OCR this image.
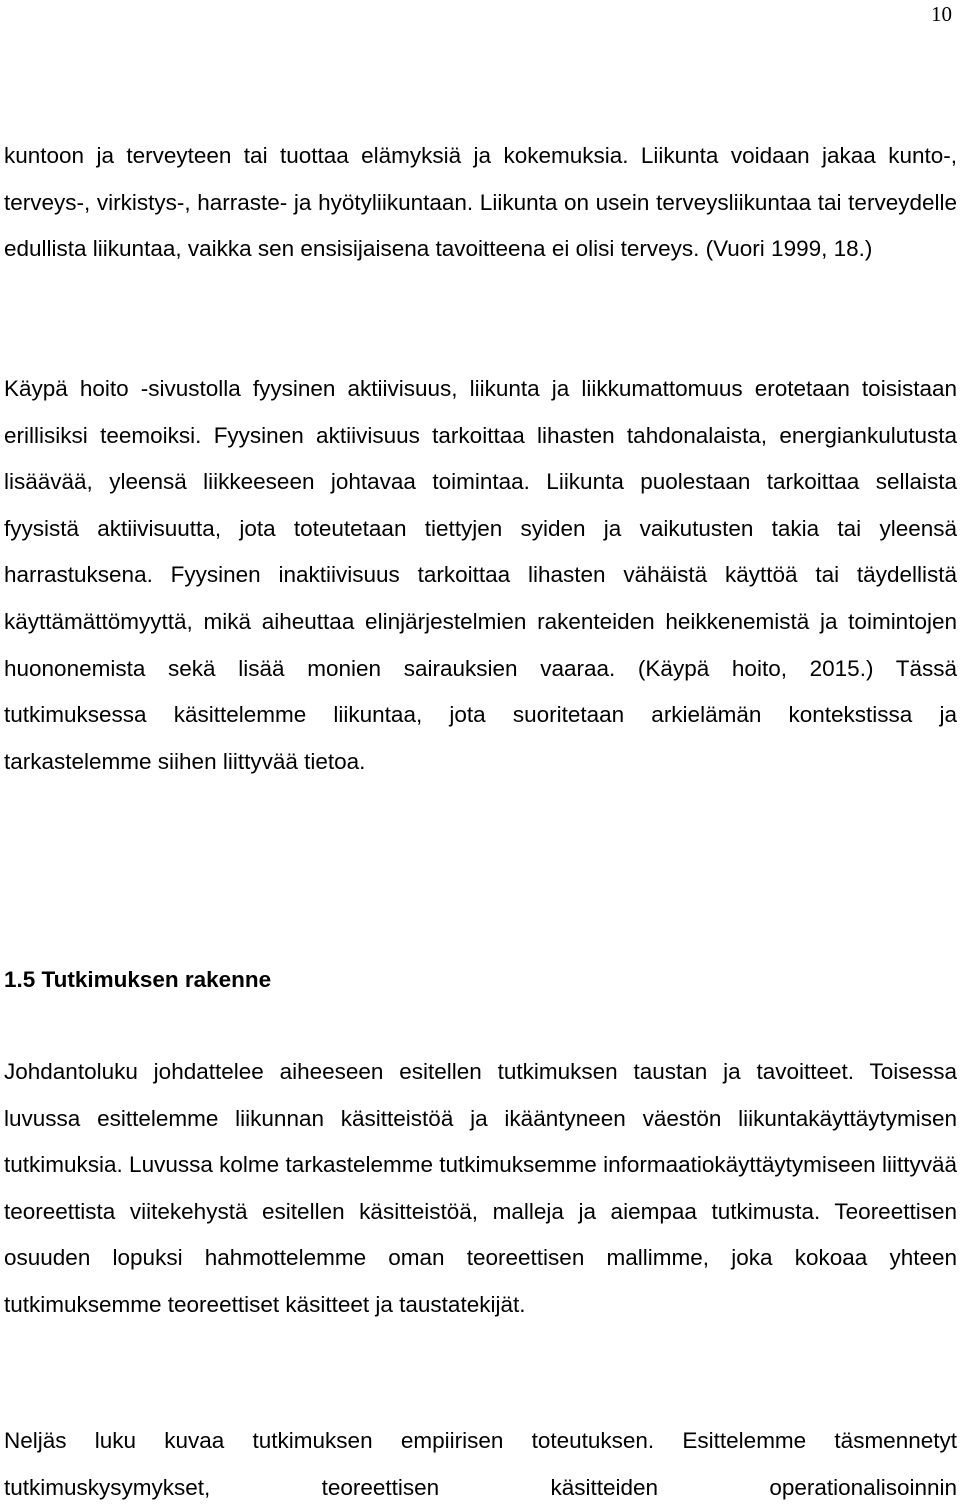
10

kuntoon ja terveyteen tai tuottaa elämyksiä ja kokemuksia. Liikunta voidaan jakaa kunto-, terveys-, virkistys-, harraste- ja hyötyliikuntaan. Liikunta on usein terveysliikuntaa tai terveydelle edullista liikuntaa, vaikka sen ensisijaisena tavoitteena ei olisi terveys. (Vuori 1999, 18.)

Käypä hoito -sivustolla fyysinen aktiivisuus, liikunta ja liikkumattomuus erotetaan toisistaan erillisiksi teemoiksi. Fyysinen aktiivisuus tarkoittaa lihasten tahdonalaista, energiankulutusta lisäävää, yleensä liikkeeseen johtavaa toimintaa. Liikunta puolestaan tarkoittaa sellaista fyysistä aktiivisuutta, jota toteutetaan tiettyjen syiden ja vaikutusten takia tai yleensä harrastuksena. Fyysinen inaktiivisuus tarkoittaa lihasten vähäistä käyttöä tai täydellistä käyttämättömyyttä, mikä aiheuttaa elinjärjestelmien rakenteiden heikkenemistä ja toimintojen huononemista sekä lisää monien sairauksien vaaraa. (Käypä hoito, 2015.) Tässä tutkimuksessa käsittelemme liikuntaa, jota suoritetaan arkielämän kontekstissa ja tarkastelemme siihen liittyvää tietoa.

1.5 Tutkimuksen rakenne

Johdantoluku johdattelee aiheeseen esitellen tutkimuksen taustan ja tavoitteet. Toisessa luvussa esittelemme liikunnan käsitteistöä ja ikääntyneen väestön liikuntakäyttäytymisen tutkimuksia. Luvussa kolme tarkastelemme tutkimuksemme informaatiokäyttäytymiseen liittyvää teoreettista viitekehystä esitellen käsitteistöä, malleja ja aiempaa tutkimusta. Teoreettisen osuuden lopuksi hahmottelemme oman teoreettisen mallimme, joka kokoaa yhteen tutkimuksemme teoreettiset käsitteet ja taustatekijät.

Neljäs luku kuvaa tutkimuksen empiirisen toteutuksen. Esittelemme täsmennetyt tutkimuskysymykset, teoreettisen käsitteiden operationalisoinnin
